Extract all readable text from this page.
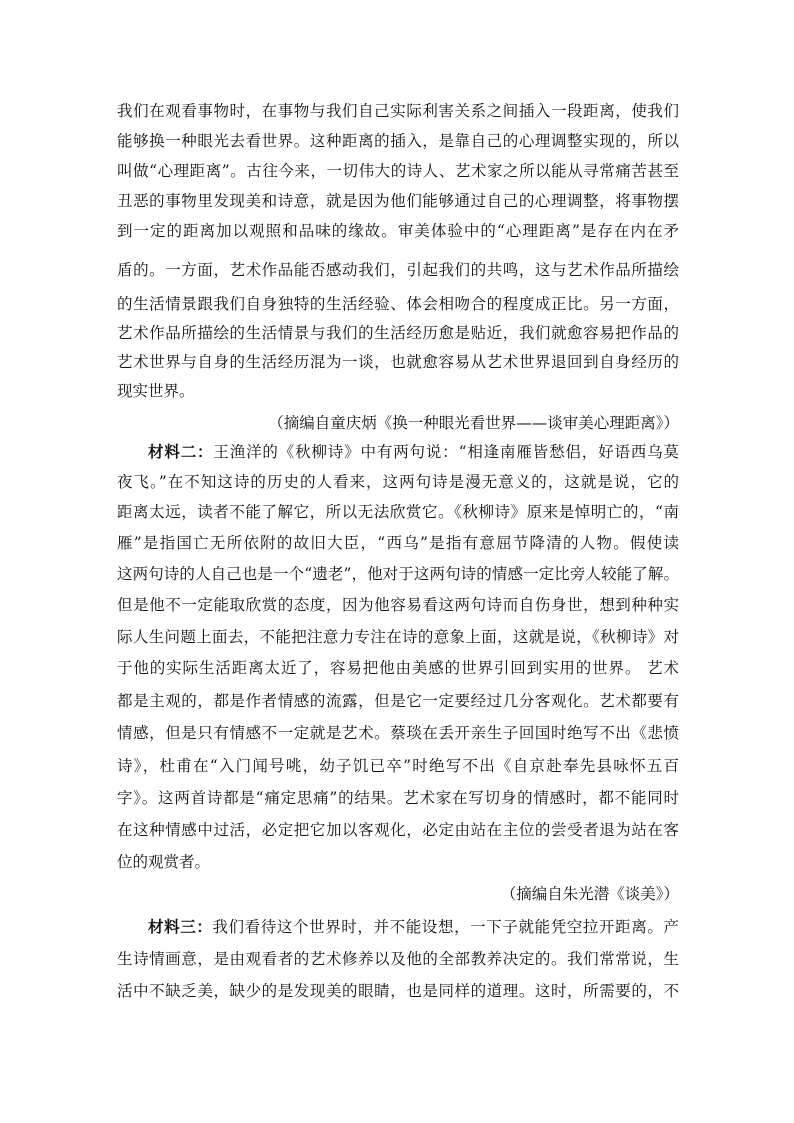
我们在观看事物时，在事物与我们自己实际利害关系之间插入一段距离，使我们
能够换一种眼光去看世界。这种距离的插入，是靠自己的心理调整实现的，所以
叫做“心理距离”。古往今来，一切伟大的诗人、艺术家之所以能从寻常痛苦甚至
丑恶的事物里发现美和诗意，就是因为他们能够通过自己的心理调整，将事物摆
到一定的距离加以观照和品味的缘故。审美体验中的“心理距离”是存在内在矛
盾的。一方面，艺术作品能否感动我们，引起我们的共鸣，这与艺术作品所描绘
的生活情景跟我们自身独特的生活经验、体会相吻合的程度成正比。另一方面，
艺术作品所描绘的生活情景与我们的生活经历愈是贴近，我们就愈容易把作品的
艺术世界与自身的生活经历混为一谈，也就愈容易从艺术世界退回到自身经历的
现实世界。
（摘编自童庆炳《换一种眼光看世界——谈审美心理距离》）
材料二：王渔洋的《秋柳诗》中有两句说：“相逢南雁皆愁侣，好语西乌莫
夜飞。”在不知这诗的历史的人看来，这两句诗是漫无意义的，这就是说，它的
距离太远，读者不能了解它，所以无法欣赏它。《秋柳诗》原来是悼明亡的，“南
雁”是指国亡无所依附的故旧大臣，“西乌”是指有意屈节降清的人物。假使读
这两句诗的人自己也是一个“遗老”，他对于这两句诗的情感一定比旁人较能了解。
但是他不一定能取欣赏的态度，因为他容易看这两句诗而自伤身世，想到种种实
际人生问题上面去，不能把注意力专注在诗的意象上面，这就是说，《秋柳诗》对
于他的实际生活距离太近了，容易把他由美感的世界引回到实用的世界。 艺术
都是主观的，都是作者情感的流露，但是它一定要经过几分客观化。艺术都要有
情感，但是只有情感不一定就是艺术。蔡琰在丢开亲生子回国时绝写不出《悲愤
诗》，杜甫在“入门闻号咷，幼子饥已卒”时绝写不出《自京赴奉先县咏怀五百
字》。这两首诗都是“痛定思痛”的结果。艺术家在写切身的情感时，都不能同时
在这种情感中过活，必定把它加以客观化，必定由站在主位的尝受者退为站在客
位的观赏者。
（摘编自朱光潜《谈美》）
材料三：我们看待这个世界时，并不能设想，一下子就能凭空拉开距离。产
生诗情画意，是由观看者的艺术修养以及他的全部教养决定的。我们常常说，生
活中不缺乏美，缺少的是发现美的眼睛，也是同样的道理。这时，所需要的，不
